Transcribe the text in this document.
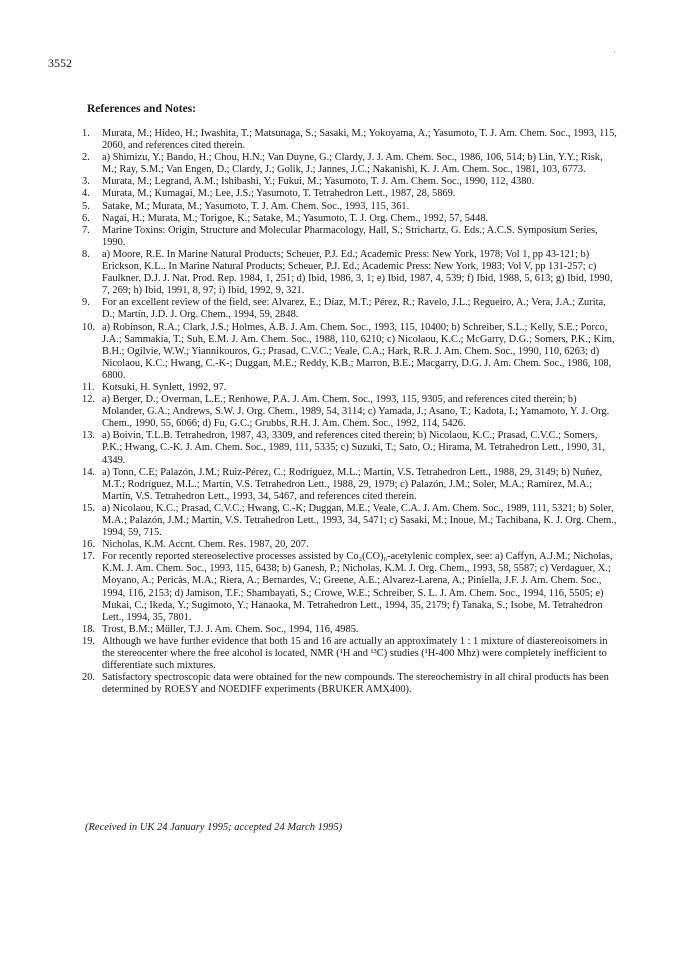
3552
References and Notes:
1.	Murata, M.; Hideo, H.; Iwashita, T.; Matsunaga, S.; Sasaki, M.; Yokoyama, A.; Yasumoto, T. J. Am. Chem. Soc., 1993, 115, 2060, and references cited therein.
2.	a) Shimizu, Y.; Bando, H.; Chou, H.N.; Van Duyne, G.; Clardy, J. J. Am. Chem. Soc., 1986, 106, 514; b) Lin, Y.Y.; Risk, M.; Ray, S.M.; Van Engen, D.; Clardy, J.; Golik, J.; Jannes, J.C.; Nakanishi, K. J. Am. Chem. Soc., 1981, 103, 6773.
3.	Murata, M.; Legrand, A.M.; Ishibashi, Y.; Fukui, M.; Yasumoto, T. J. Am. Chem. Soc., 1990, 112, 4380.
4.	Murata, M.; Kumagai, M.; Lee, J.S.; Yasumoto, T. Tetrahedron Lett., 1987, 28, 5869.
5.	Satake, M.; Murata, M.; Yasumoto, T. J. Am. Chem. Soc., 1993, 115, 361.
6.	Nagai, H.; Murata, M.; Torigoe, K.; Satake, M.; Yasumoto, T. J. Org. Chem., 1992, 57, 5448.
7.	Marine Toxins: Origin, Structure and Molecular Pharmacology, Hall, S.; Strichartz, G. Eds.; A.C.S. Symposium Series, 1990.
8.	a) Moore, R.E. In Marine Natural Products; Scheuer, P.J. Ed.; Academic Press: New York, 1978; Vol 1, pp 43-121; b) Erickson, K.L.. In Marine Natural Products; Scheuer, P.J. Ed.; Academic Press: New York, 1983; Vol V, pp 131-257; c) Faulkner, D.J. J. Nat. Prod. Rep. 1984, 1, 251; d) Ibid, 1986, 3, 1; e) Ibid, 1987, 4, 539; f) Ibid, 1988, 5, 613; g) Ibid, 1990, 7, 269; h) Ibid, 1991, 8, 97; i) Ibid, 1992, 9, 321.
9.	For an excellent review of the field, see: Alvarez, E.; Díaz, M.T.; Pérez, R.; Ravelo, J.L.; Regueiro, A.; Vera, J.A.; Zurita, D.; Martín, J.D. J. Org. Chem., 1994, 59, 2848.
10. a) Robinson, R.A.; Clark, J.S.; Holmes, A.B. J. Am. Chem. Soc., 1993, 115, 10400; b) Schreiber, S.L.; Kelly, S.E.; Porco, J.A.; Sammakia, T.; Suh, E.M. J. Am. Chem. Soc., 1988, 110, 6210; c) Nicolaou, K.C.; McGarry, D.G.; Somers, P.K.; Kim, B.H.; Ogilvie, W.W.; Yiannikouros, G.; Prasad, C.V.C.; Veale, C.A.; Hark, R.R. J. Am. Chem. Soc., 1990, 110, 6263; d) Nicolaou, K.C.; Hwang, C.-K-; Duggan, M.E.; Reddy, K.B.; Marron, B.E.; Macgarry, D.G. J. Am. Chem. Soc., 1986, 108, 6800.
11. Kotsuki, H. Synlett, 1992, 97.
12. a) Berger, D.; Overman, L.E.; Renhowe, P.A. J. Am. Chem. Soc., 1993, 115, 9305, and references cited therein; b) Molander, G.A.; Andrews, S.W. J. Org. Chem., 1989, 54, 3114; c) Yamada, J.; Asano, T.; Kadota, I.; Yamamoto, Y. J. Org. Chem., 1990, 55, 6066; d) Fu, G.C.; Grubbs, R.H. J. Am. Chem. Soc., 1992, 114, 5426.
13. a) Boivin, T.L.B. Tetrahedron, 1987, 43, 3309, and references cited therein; b) Nicolaou, K.C.; Prasad, C.V.C.; Somers, P.K.; Hwang, C.-K. J. Am. Chem. Soc., 1989, 111, 5335; c) Suzuki, T.; Sato, O.; Hirama, M. Tetrahedron Lett., 1990, 31, 4349.
14. a) Tonn, C.E; Palazón, J.M.; Ruiz-Pérez, C.; Rodríguez, M.L.; Martín, V.S. Tetrahedron Lett., 1988, 29, 3149; b) Nuñez, M.T.; Rodríguez, M.L.; Martín, V.S. Tetrahedron Lett., 1988, 29, 1979; c) Palazón, J.M.; Soler, M.A.; Ramírez, M.A.; Martín, V.S. Tetrahedron Lett., 1993, 34, 5467, and references cited therein.
15. a) Nicolaou, K.C.; Prasad, C.V.C.; Hwang, C.-K; Duggan, M.E.; Veale, C.A. J. Am. Chem. Soc., 1989, 111, 5321; b) Soler, M.A.; Palazón, J.M.; Martín, V.S. Tetrahedron Lett., 1993, 34, 5471; c) Sasaki, M.; Inoue, M.; Tachibana, K. J. Org. Chem., 1994, 59, 715.
16. Nicholas, K.M. Accnt. Chem. Res. 1987, 20, 207.
17. For recently reported stereoselective processes assisted by Co₂(CO)₆-acetylenic complex, see: a) Caffyn, A.J.M.; Nicholas, K.M. J. Am. Chem. Soc., 1993, 115, 6438; b) Ganesh, P.; Nicholas, K.M. J. Org. Chem., 1993, 58, 5587; c) Verdaguer, X.; Moyano, A.; Pericàs, M.A.; Riera, A.; Bernardes, V.; Greene, A.E.; Alvarez-Larena, A.; Piniella, J.F. J. Am. Chem. Soc., 1994, 116, 2153; d) Jamison, T.F.; Shambayati, S.; Crowe, W.E.; Schreiber, S. L. J. Am. Chem. Soc., 1994, 116, 5505; e) Mukai, C.; Ikeda, Y.; Sugimoto, Y.; Hanaoka, M. Tetrahedron Lett., 1994, 35, 2179; f) Tanaka, S.; Isobe, M. Tetrahedron Lett., 1994, 35, 7801.
18. Trost, B.M.; Müller, T.J. J. Am. Chem. Soc., 1994, 116, 4985.
19. Although we have further evidence that both 15 and 16 are actually an approximately 1 : 1 mixture of diastereoisomers in the stereocenter where the free alcohol is located, NMR (¹H and ¹³C) studies (¹H-400 Mhz) were completely inefficient to differentiate such mixtures.
20. Satisfactory spectroscopic data were obtained for the new compounds. The stereochemistry in all chiral products has been determined by ROESY and NOEDIFF experiments (BRUKER AMX400).
(Received in UK 24 January 1995; accepted 24 March 1995)
